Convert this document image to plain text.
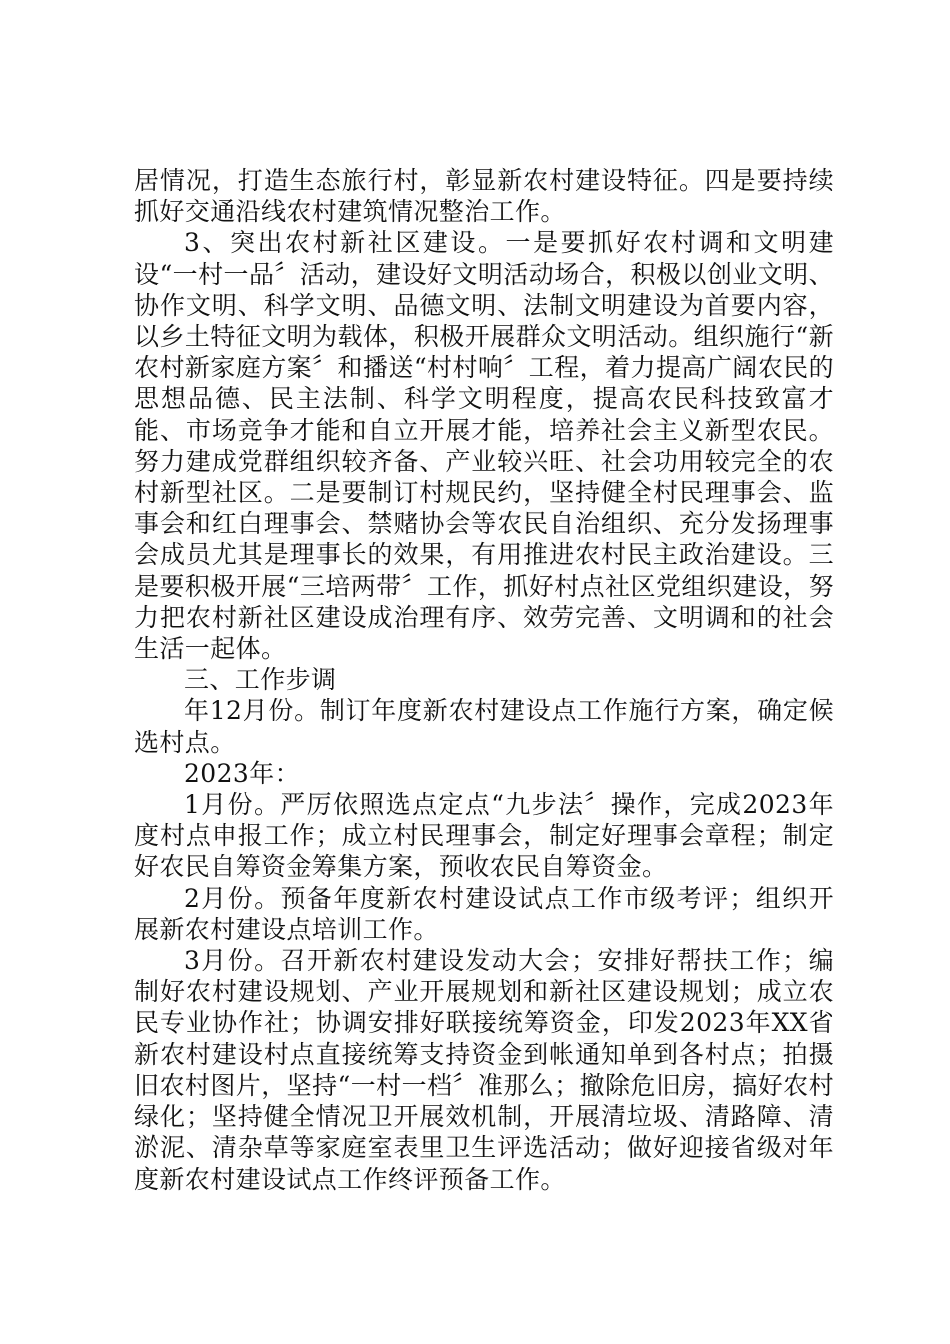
居情况，打造生态旅行村，彰显新农村建设特征。四是要持续抓好交通沿线农村建筑情况整治工作。

3、突出农村新社区建设。一是要抓好农村调和文明建设“一村一品〞活动，建设好文明活动场合，积极以创业文明、协作文明、科学文明、品德文明、法制文明建设为首要内容，以乡土特征文明为载体，积极开展群众文明活动。组织施行“新农村新家庭方案〞和播送“村村响〞工程，着力提高广阔农民的思想品德、民主法制、科学文明程度，提高农民科技致富才能、市场竞争才能和自立开展才能，培养社会主义新型农民。努力建成党群组织较齐备、产业较兴旺、社会功用较完全的农村新型社区。二是要制订村规民约，坚持健全村民理事会、监事会和红白理事会、禁赌协会等农民自治组织、充分发扬理事会成员尤其是理事长的效果，有用推进农村民主政治建设。三是要积极开展“三培两带〞工作，抓好村点社区党组织建设，努力把农村新社区建设成治理有序、效劳完善、文明调和的社会生活一起体。

三、工作步调

年12月份。制订年度新农村建设点工作施行方案，确定候选村点。

2023年：

1月份。严厉依照选点定点“九步法〞操作，完成2023年度村点申报工作；成立村民理事会，制定好理事会章程；制定好农民自筹资金筹集方案，预收农民自筹资金。

2月份。预备年度新农村建设试点工作市级考评；组织开展新农村建设点培训工作。

3月份。召开新农村建设发动大会；安排好帮扶工作；编制好农村建设规划、产业开展规划和新社区建设规划；成立农民专业协作社；协调安排好联接统筹资金，印发2023年XX省新农村建设村点直接统筹支持资金到帐通知单到各村点；拍摄旧农村图片，坚持“一村一档〞准那么；撤除危旧房，搞好农村绿化；坚持健全情况卫开展效机制，开展清垃圾、清路障、清淤泥、清杂草等家庭室表里卫生评选活动；做好迎接省级对年度新农村建设试点工作终评预备工作。
